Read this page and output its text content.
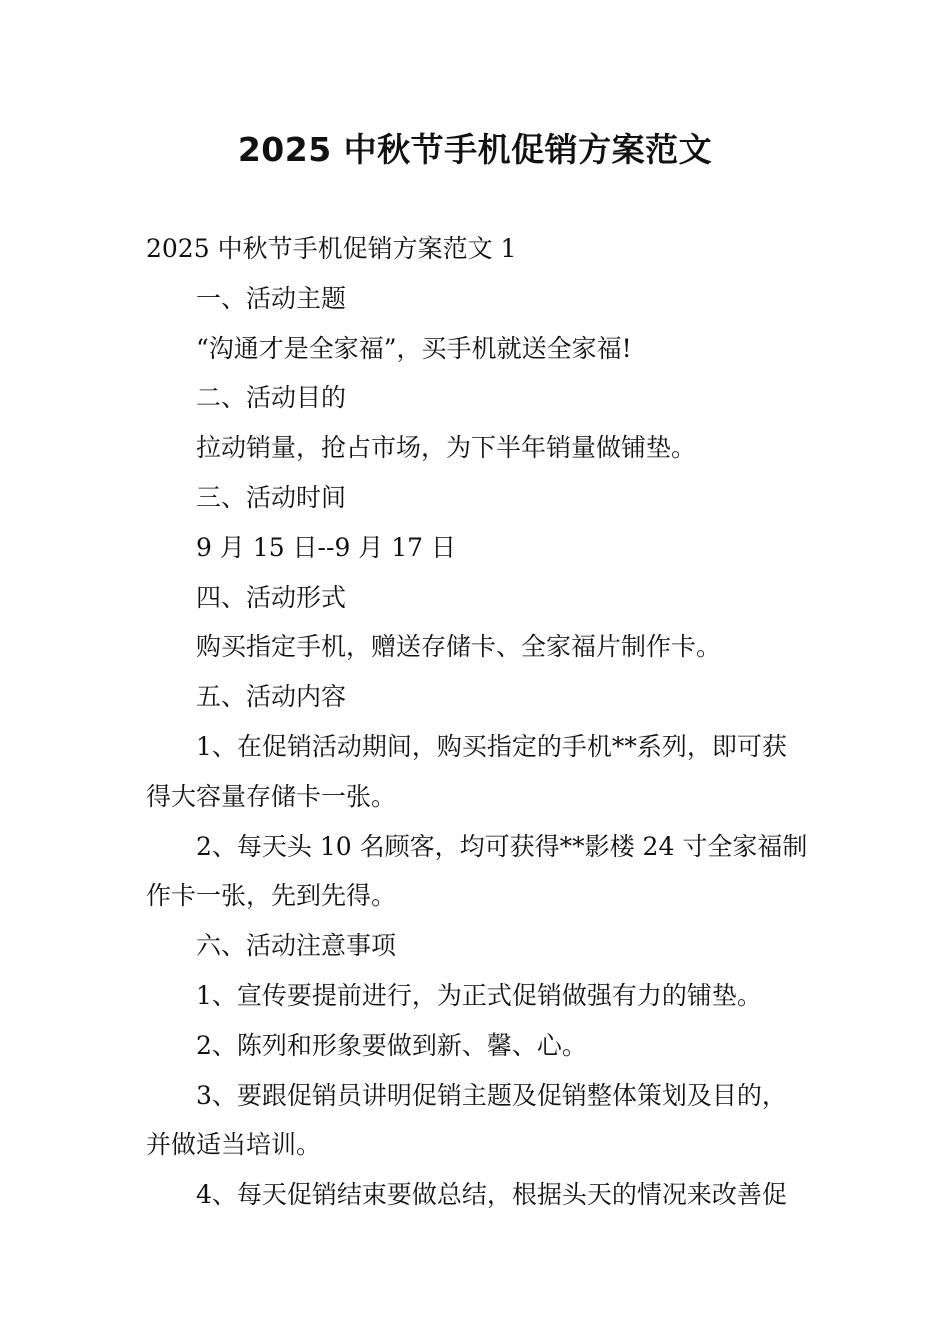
2025 中秋节手机促销方案范文

2025 中秋节手机促销方案范文 1

一、活动主题

“沟通才是全家福”，买手机就送全家福!

二、活动目的

拉动销量，抢占市场，为下半年销量做铺垫。

三、活动时间

9 月 15 日--9 月 17 日

四、活动形式

购买指定手机，赠送存储卡、全家福片制作卡。

五、活动内容

1、在促销活动期间，购买指定的手机**系列，即可获

得大容量存储卡一张。

2、每天头 10 名顾客，均可获得**影楼 24 寸全家福制

作卡一张，先到先得。

六、活动注意事项

1、宣传要提前进行，为正式促销做强有力的铺垫。

2、陈列和形象要做到新、馨、心。

3、要跟促销员讲明促销主题及促销整体策划及目的，

并做适当培训。

4、每天促销结束要做总结，根据头天的情况来改善促
